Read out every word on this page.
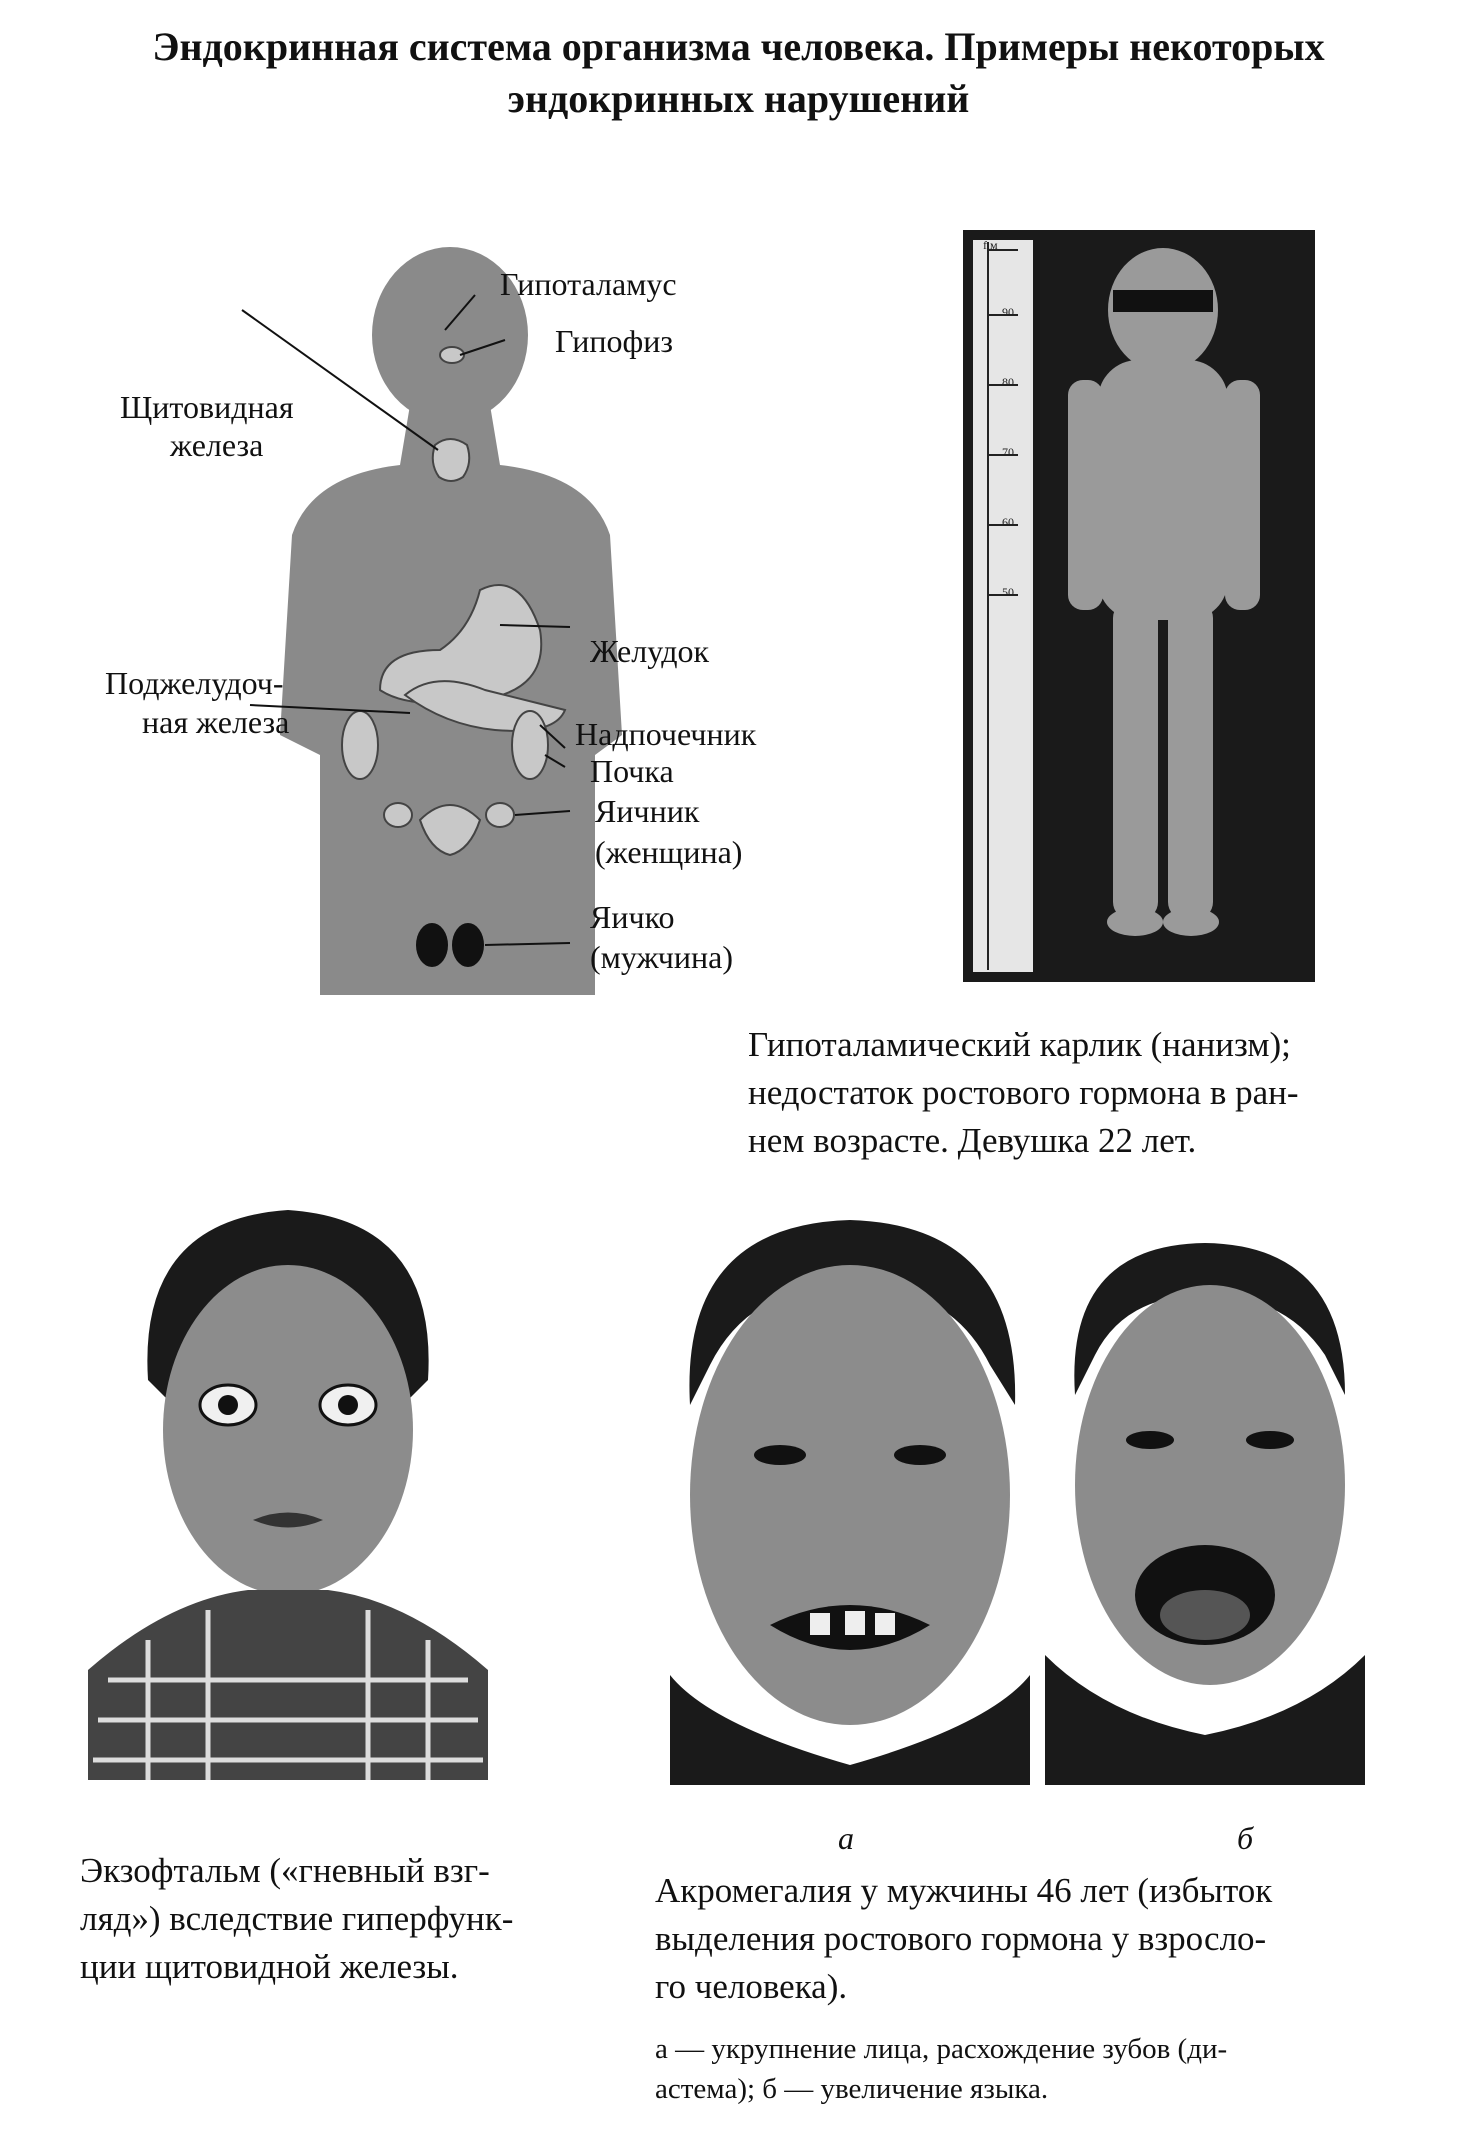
Эндокринная система организма человека. Примеры некоторых
эндокринных нарушений
Гипоталамус
Гипофиз
Щитовидная
железа
Желудок
Поджелудоч-
ная железа	Надпочечник
Почка
Яичник
(женщина)
Яичко
(мужчина)
f.м
90
80
70
60
50
Гипоталамический карлик (нанизм);
недостаток ростового гормона в ран-
нем возрасте. Девушка 22 лет.
а	б
Экзофтальм («гневный взг-
ляд») вследствие гиперфунк-
ции щитовидной железы.
Акромегалия у мужчины 46 лет (избыток
выделения ростового гормона у взросло-
го человека).
а — укрупнение лица, расхождение зубов (ди-
астема); б — увеличение языка.
